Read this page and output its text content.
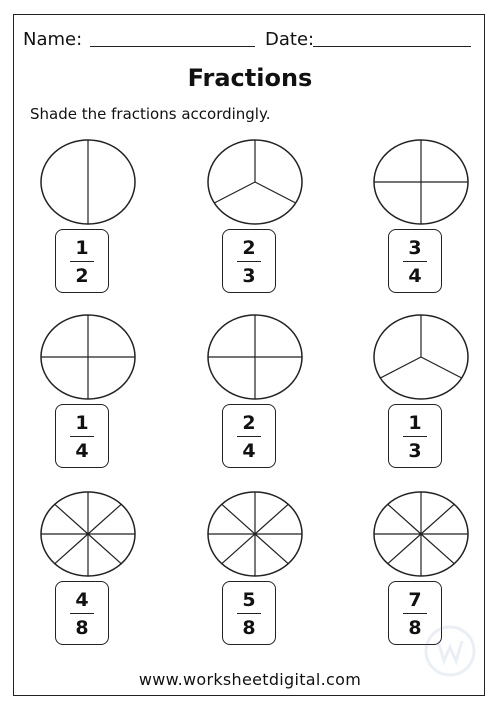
Name:	Date:
Fractions
Shade the fractions accordingly.
1
2
2
3
3
4
1
4
2
4
1
3
4
8
5
8
7
8
www.worksheetdigital.com
